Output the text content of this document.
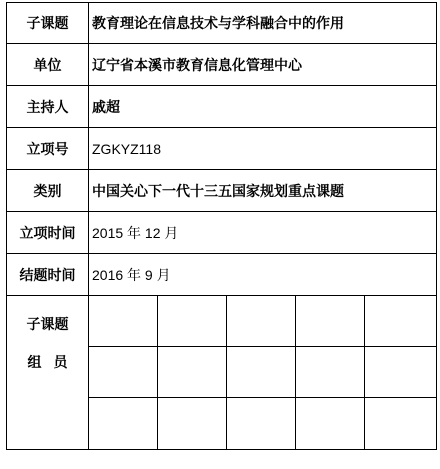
子课题	教育理论在信息技术与学科融合中的作用				
单位	辽宁省本溪市教育信息化管理中心				
主持人	戚超				
立项号	ZGKYZ118				
类别	中国关心下一代十三五国家规划重点课题				
立项时间	2015 年 12 月				
结题时间	2016 年 9 月				

子课题
组员					
